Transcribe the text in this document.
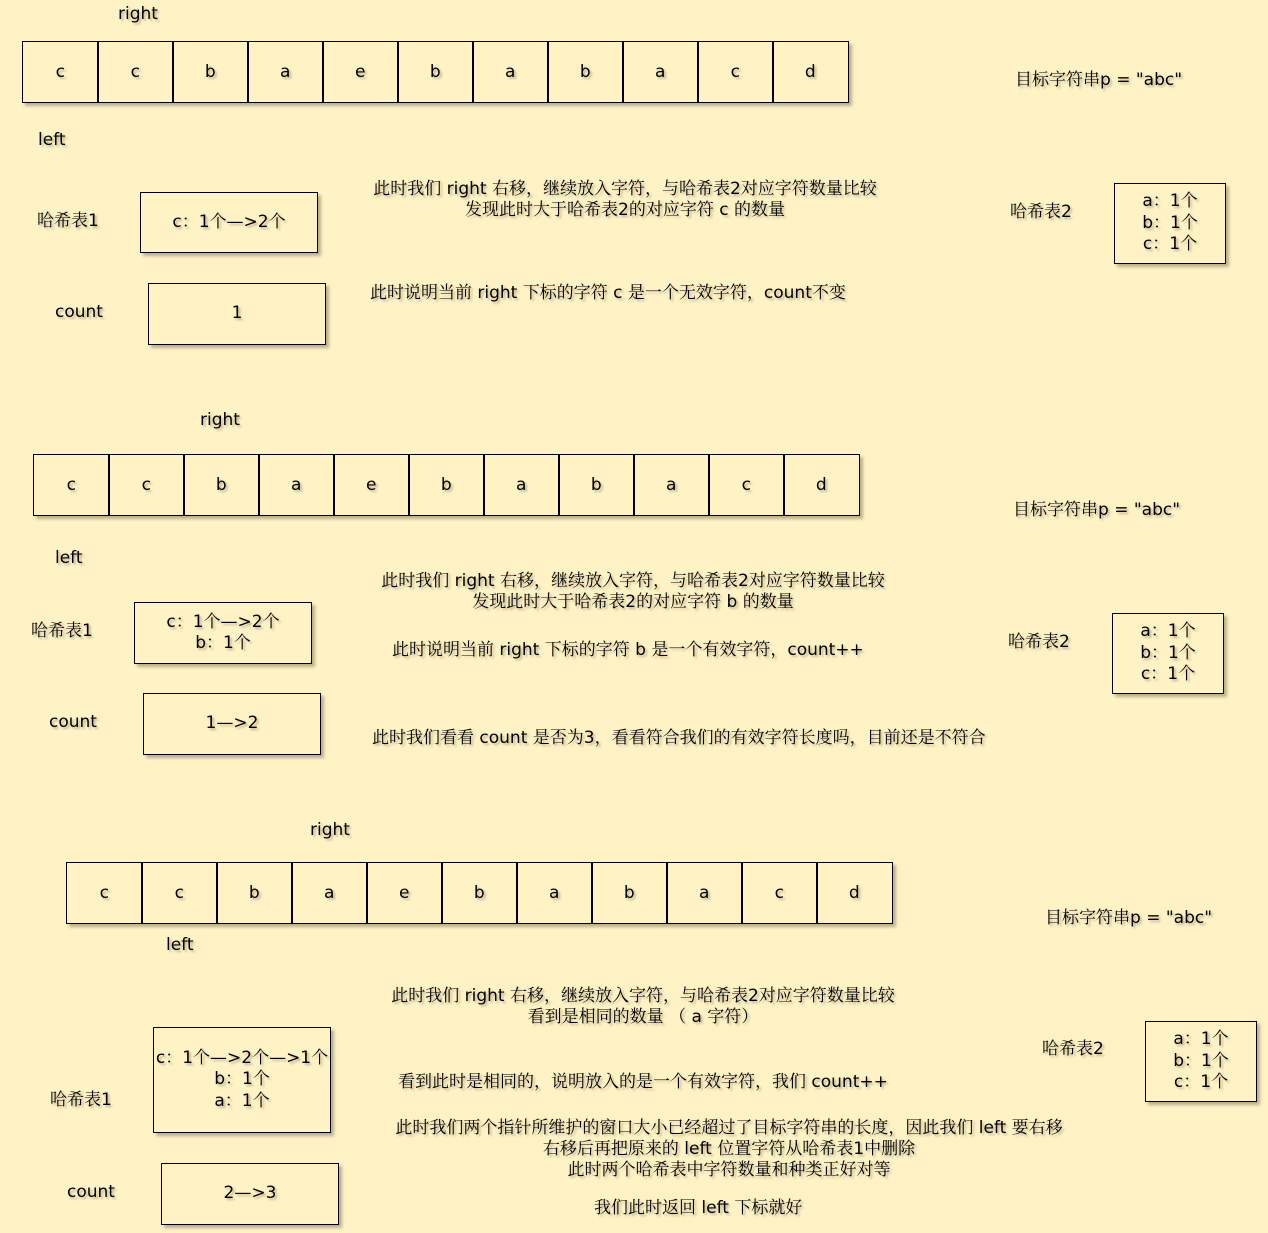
right
c	c	b	a	e	b	a	b	a	c	d	目标字符串p = "abc"
left
哈希表1	c：1个—>2个
此时我们 right 右移，继续放入字符，与哈希表2对应字符数量比较
发现此时大于哈希表2的对应字符 c 的数量	哈希表2
a：1个
b：1个
c：1个
count	1
此时说明当前 right 下标的字符 c 是一个无效字符，count不变
right
c	c	b	a	e	b	a	b	a	c	d
目标字符串p = "abc"
left
此时我们 right 右移，继续放入字符，与哈希表2对应字符数量比较
发现此时大于哈希表2的对应字符 b 的数量
哈希表1	c：1个—>2个
b：1个	此时说明当前 right 下标的字符 b 是一个有效字符，count++	哈希表2
a：1个
b：1个
c：1个
count	1—>2
此时我们看看 count 是否为3，看看符合我们的有效字符长度吗，目前还是不符合
right
c	c	b	a	e	b	a	b	a	c	d
目标字符串p = "abc"
left
此时我们 right 右移，继续放入字符，与哈希表2对应字符数量比较
看到是相同的数量 （ a 字符）
c：1个—>2个—>1个
b：1个
a：1个
哈希表1
看到此时是相同的，说明放入的是一个有效字符，我们 count++
哈希表2	a：1个
b：1个
c：1个
此时我们两个指针所维护的窗口大小已经超过了目标字符串的长度，因此我们 left 要右移
右移后再把原来的 left 位置字符从哈希表1中删除
此时两个哈希表中字符数量和种类正好对等
count	2—>3
我们此时返回 left 下标就好
